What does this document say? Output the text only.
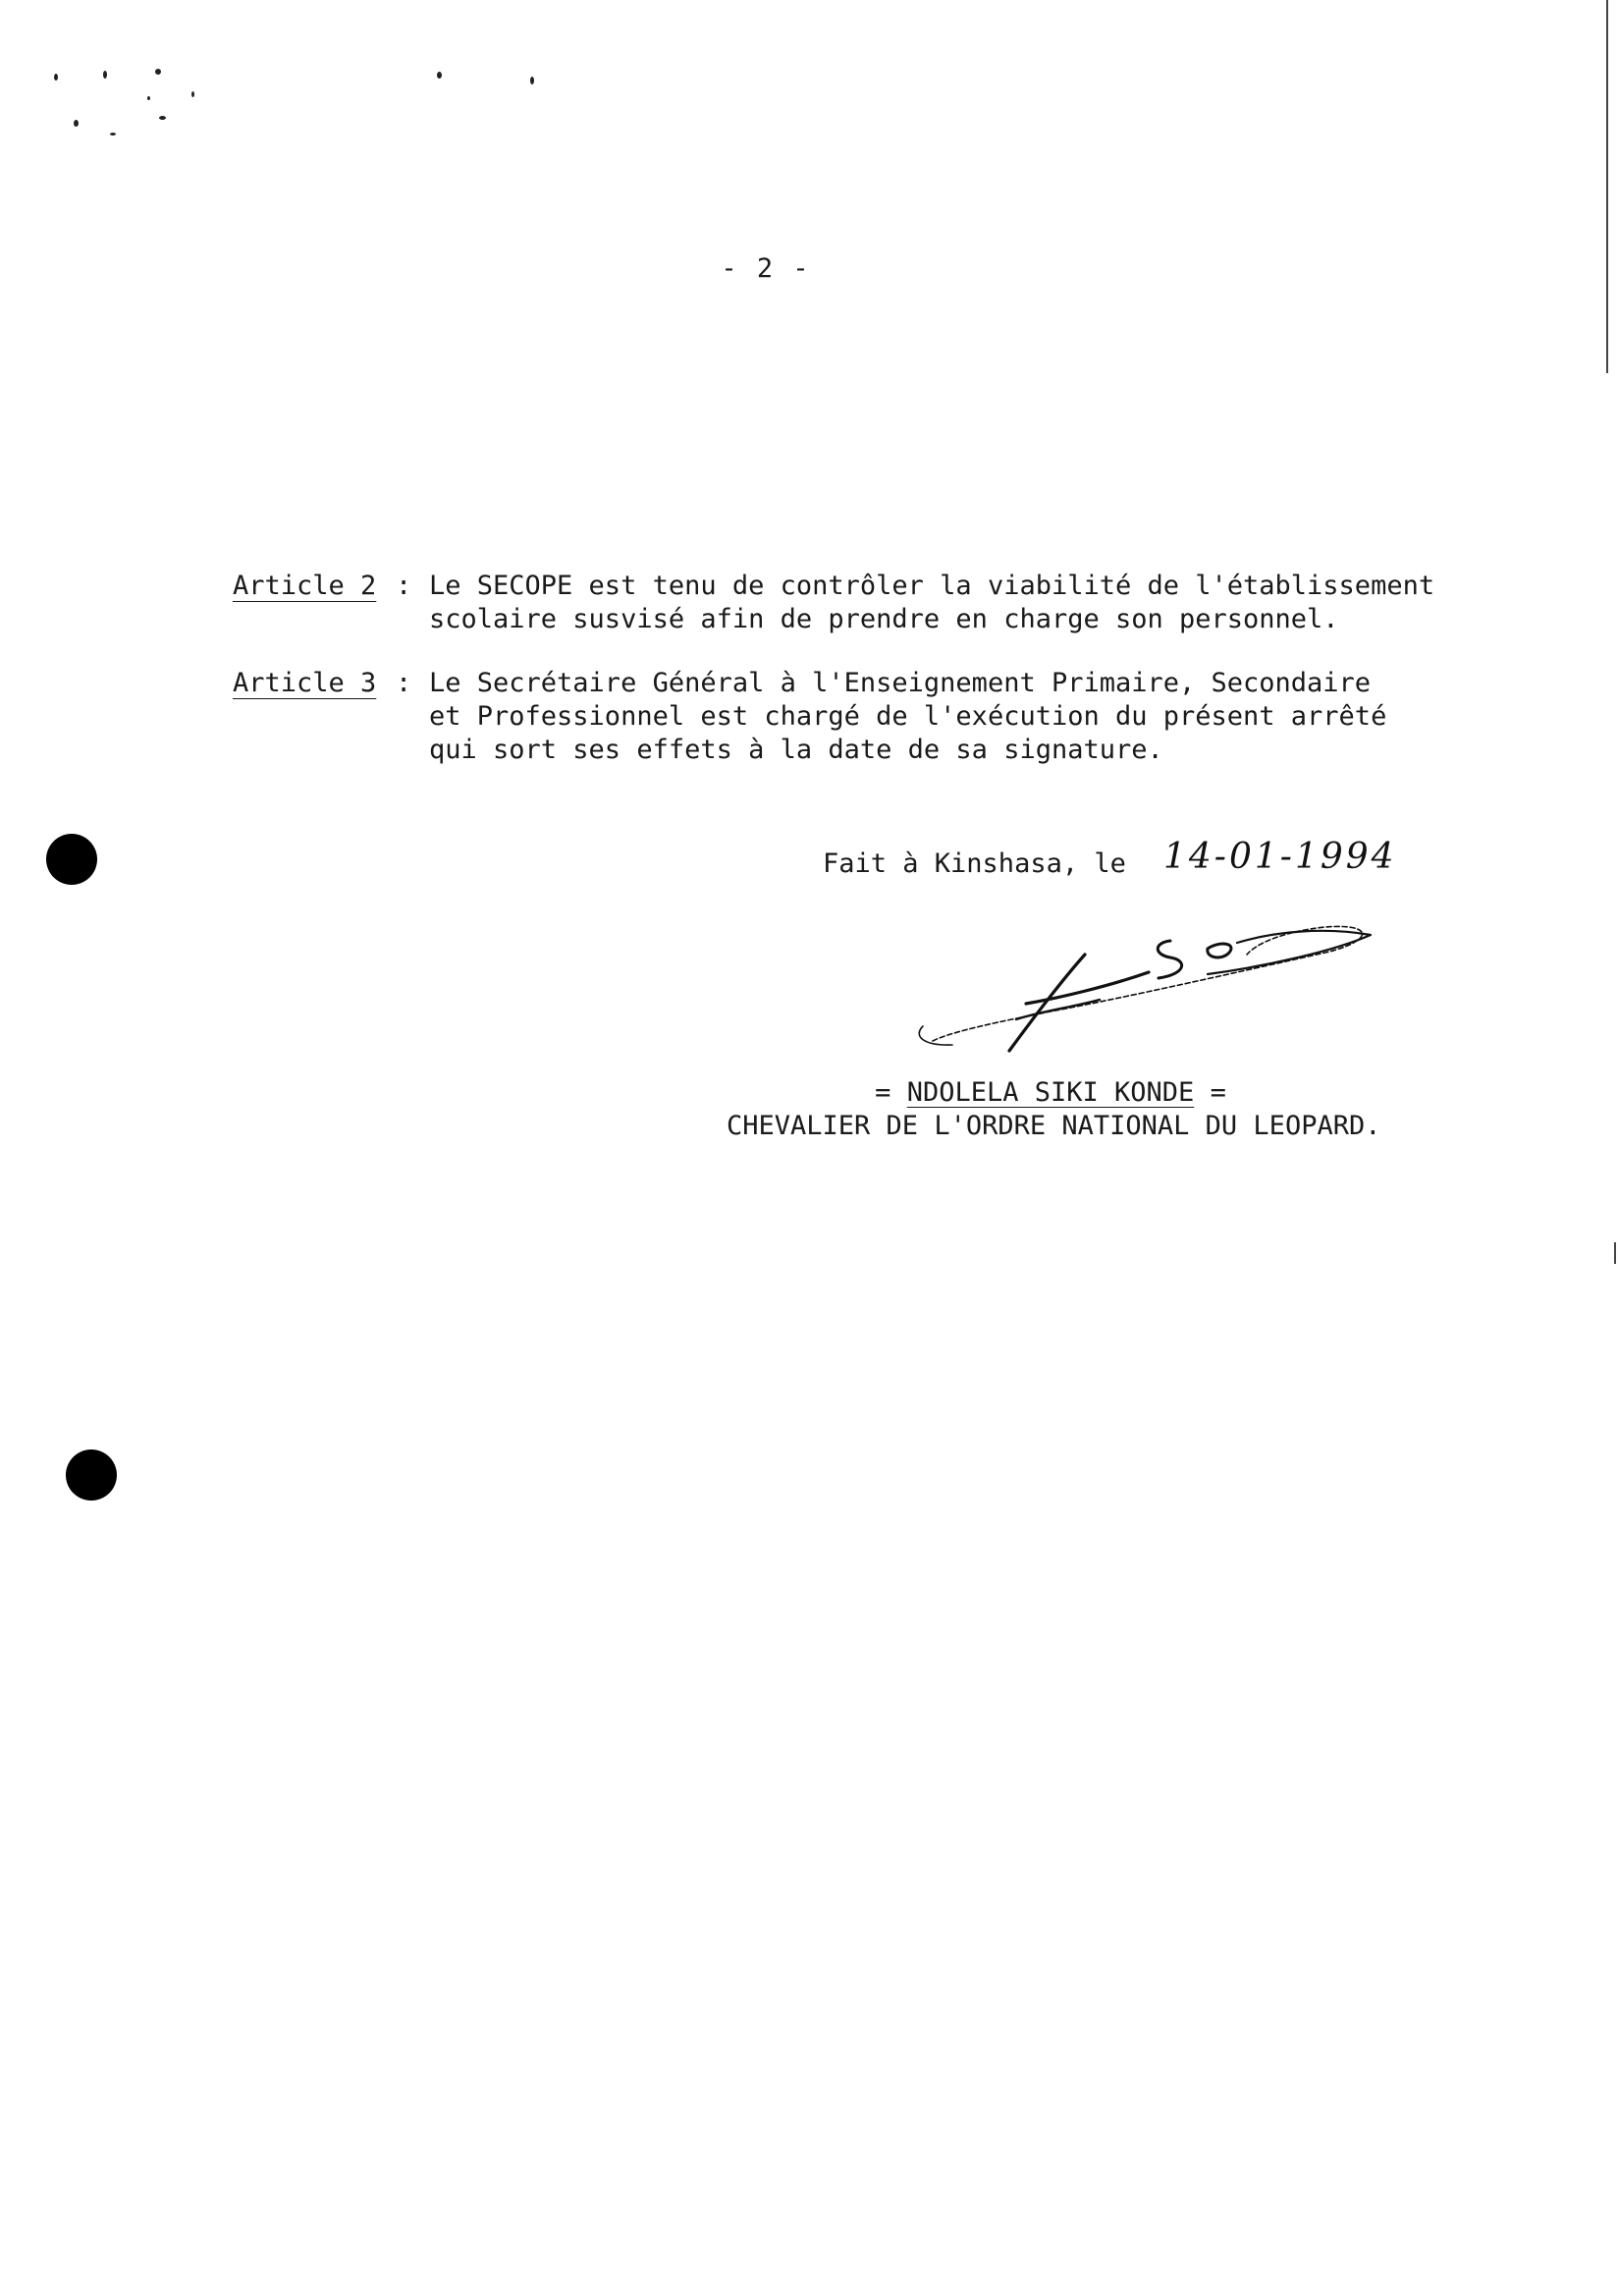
- 2 -
Article 2 : Le SECOPE est tenu de contrôler la viabilité de l'établissement
scolaire susvisé afin de prendre en charge son personnel.
Article 3 : Le Secrétaire Général à l'Enseignement Primaire, Secondaire
et Professionnel est chargé de l'exécution du présent arrêté
qui sort ses effets à la date de sa signature.
Fait à Kinshasa, le 14-01-1994
= NDOLELA SIKI KONDE =
CHEVALIER DE L'ORDRE NATIONAL DU LEOPARD.
